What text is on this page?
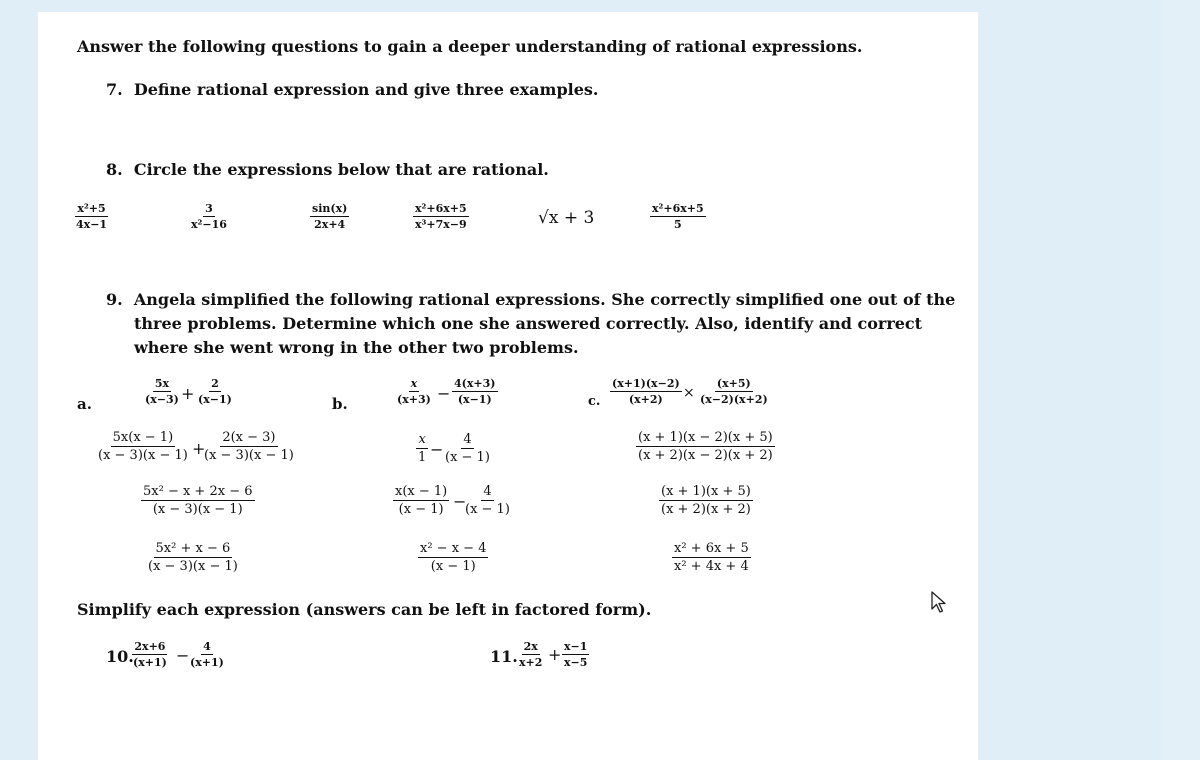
Answer the following questions to gain a deeper understanding of rational expressions.
7. Define rational expression and give three examples.
8. Circle the expressions below that are rational.
$\frac{\text{x²+5}}{4x-1}$	$\frac{3}{\text{x²−16}}$	$\frac{\sin(x)}{2x+4}$	$\frac{\text{x²+6x+5}}{\text{x³+7x−9}}$	√x + 3	$\frac{\text{x²+6x+5}}{5}$
9. Angela simplified the following rational expressions. She correctly simplified one out of the
three problems. Determine which one she answered correctly. Also, identify and correct
where she went wrong in the other two problems.
a.	$\frac{5x}{(x-3)} + \frac{2}{(x-1)}$
$\frac{5x(x - 1)}{(x - 3)(x - 1)}$ +
$\frac{2(x - 3)}{(x - 3)(x - 1)}$
$\frac{\text{5x² − x + 2x − 6}}{(x - 3)(x - 1)}$
$\frac{\text{5x² + x − 6}}{(x - 3)(x - 1)}$
b.	$\frac{x}{(x+3)} - \frac{4(x+3)}{(x-1)}$
$\frac{x}{1} - \frac{4}{(x - 1)}$
$\frac{x(x - 1)}{(x - 1)}$ −
$\frac{4}{(x - 1)}$
$\frac{\text{x² − x − 4}}{(x - 1)}$
c. $\frac{(x+1)(x-2)}{(x+2)} \times \frac{(x+5)}{(x-2)(x+2)}$
$\frac{(x + 1)(x - 2)(x + 5)}{(x + 2)(x - 2)(x + 2)}$
$\frac{(x + 1)(x + 5)}{(x + 2)(x + 2)}$
$\frac{\text{x² + 6x + 5}}{\text{x² + 4x + 4}}$
Simplify each expression (answers can be left in factored form).
10.
$\frac{2x+6}{(x+1)}$ −
$\frac{4}{(x+1)}$	11. $\frac{2x}{x+2} + \frac{x-1}{x-5}$
